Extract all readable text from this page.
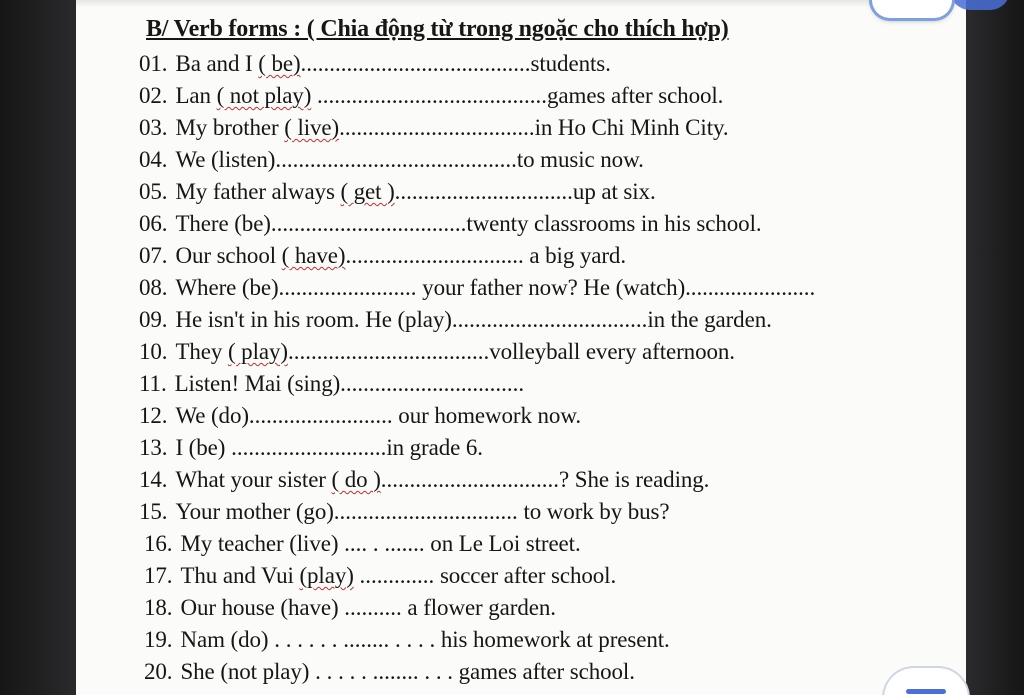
B/ Verb forms : ( Chia động từ trong ngoặc cho thích hợp)
01. Ba and I ( be)........................................students.
02. Lan ( not play) ........................................games after school.
03. My brother ( live)..................................in Ho Chi Minh City.
04. We (listen)..........................................to music now.
05. My father always ( get )...............................up at six.
06. There (be)..................................twenty classrooms in his school.
07. Our school ( have)............................... a big yard.
08. Where (be)........................ your father now? He (watch).......................
09. He isn't in his room. He (play)..................................in the garden.
10. They ( play)...................................volleyball every afternoon.
11. Listen! Mai (sing)................................
12. We (do)......................... our homework now.
13. I (be) ...........................in grade 6.
14. What your sister ( do )...............................? She is reading.
15. Your mother (go)................................ to work by bus?
16. My teacher (live) .... . ....... on Le Loi street.
17. Thu and Vui (play) ............. soccer after school.
18. Our house (have) .......... a flower garden.
19. Nam (do) . . . . . . ........ . . . . his homework at present.
20. She (not play) . . . . . ........ . . . games after school.
